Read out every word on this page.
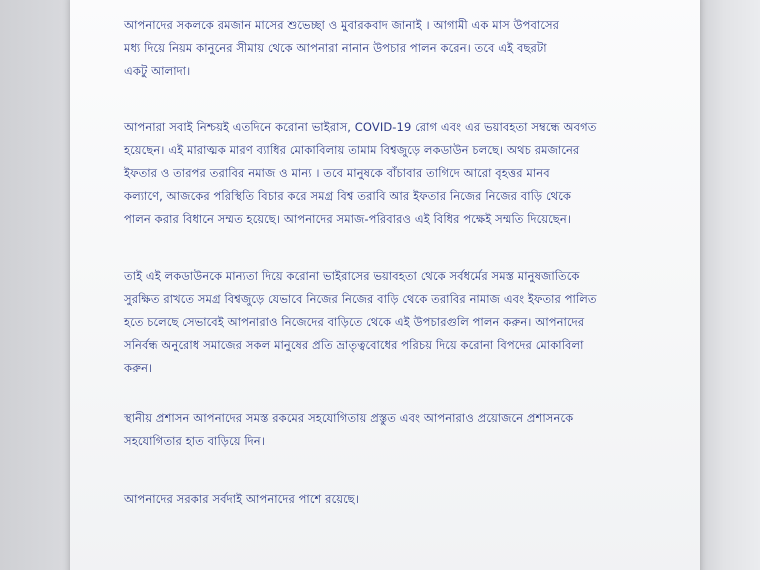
আপনাদের সকলকে রমজান মাসের শুভেচ্ছা ও মুবারকবাদ জানাই । আগামী এক মাস উপবাসের
মধ্য দিয়ে নিয়ম কানুনের সীমায় থেকে আপনারা নানান উপচার পালন করেন। তবে এই বছরটা
একটু আলাদা।

আপনারা সবাই নিশ্চয়ই এতদিনে করোনা ভাইরাস, COVID-19 রোগ এবং এর ভয়াবহতা সম্বন্ধে অবগত
হয়েছেন। এই মারাত্মক মারণ ব্যাধির মোকাবিলায় তামাম বিশ্বজুড়ে লকডাউন চলছে। অথচ রমজানের
ইফতার ও তারপর তরাবির নমাজ ও মান্য । তবে মানুষকে বাঁচাবার তাগিদে আরো বৃহত্তর মানব
কল্যাণে, আজকের পরিস্থিতি বিচার করে সমগ্র বিশ্ব তরাবি আর ইফতার নিজের নিজের বাড়ি থেকে
পালন করার বিধানে সম্মত হয়েছে। আপনাদের সমাজ-পরিবারও এই বিধির পক্ষেই সম্মতি দিয়েছেন।

তাই এই লকডাউনকে মান্যতা দিয়ে করোনা ভাইরাসের ভয়াবহতা থেকে সর্বধর্মের সমস্ত মানুষজাতিকে
সুরক্ষিত রাখতে সমগ্র বিশ্বজুড়ে যেভাবে নিজের নিজের বাড়ি থেকে তরাবির নামাজ এবং ইফতার পালিত
হতে চলেছে সেভাবেই আপনারাও নিজেদের বাড়িতে থেকে এই উপচারগুলি পালন করুন। আপনাদের
সনির্বন্ধ অনুরোধ সমাজের সকল মানুষের প্রতি ভ্রাতৃত্ববোধের পরিচয় দিয়ে করোনা বিপদের মোকাবিলা
করুন।

স্থানীয় প্রশাসন আপনাদের সমস্ত রকমের সহযোগিতায় প্রস্তুত এবং আপনারাও প্রয়োজনে প্রশাসনকে
সহযোগিতার হাত বাড়িয়ে দিন।

আপনাদের সরকার সর্বদাই আপনাদের পাশে রয়েছে।
